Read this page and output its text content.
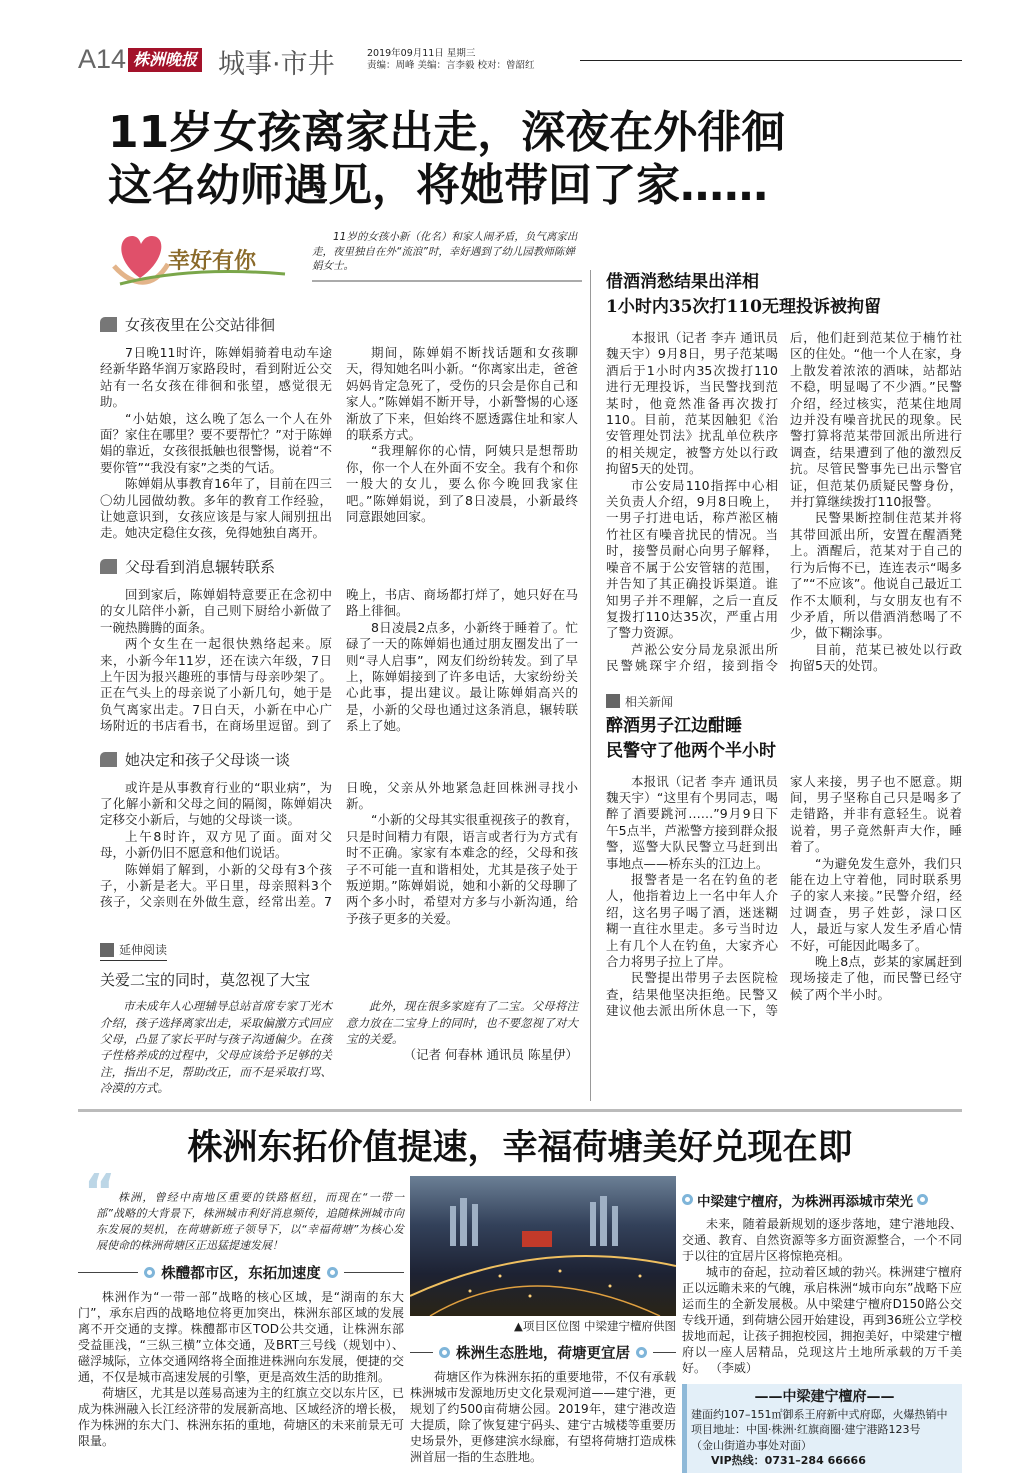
A14 株洲晚报 城事·市井	2019年09月11日 星期三
责编：周峰 美编：言李毅 校对：曾韶红
11岁女孩离家出走，深夜在外徘徊
这名幼师遇见，将她带回了家……
幸好有你
11岁的女孩小新（化名）和家人闹矛盾，负气离家出走，夜里独自在外“流浪”时，幸好遇到了幼儿园教师陈婵娟女士。
女孩夜里在公交站徘徊

7日晚11时许，陈婵娟骑着电动车途经新华路华润万家路段时，看到附近公交站有一名女孩在徘徊和张望，感觉很无助。

“小姑娘，这么晚了怎么一个人在外面？家住在哪里？要不要帮忙？”对于陈婵娟的靠近，女孩很抵触也很警惕，说着“不要你管”“我没有家”之类的气话。

陈婵娟从事教育16年了，目前在四三〇幼儿园做幼教。多年的教育工作经验，让她意识到，女孩应该是与家人闹别扭出走。她决定稳住女孩，免得她独自离开。

期间，陈婵娟不断找话题和女孩聊天，得知她名叫小新。“你离家出走，爸爸妈妈肯定急死了，受伤的只会是你自己和家人。”陈婵娟不断开导，小新警惕的心逐渐放了下来，但始终不愿透露住址和家人的联系方式。

“我理解你的心情，阿姨只是想帮助你，你一个人在外面不安全。我有个和你一般大的女儿，要么你今晚回我家住吧。”陈婵娟说，到了8日凌晨，小新最终同意跟她回家。

父母看到消息辗转联系

回到家后，陈婵娟特意要正在念初中的女儿陪伴小新，自己则下厨给小新做了一碗热腾腾的面条。

两个女生在一起很快熟络起来。原来，小新今年11岁，还在读六年级，7日上午因为报兴趣班的事情与母亲吵架了。正在气头上的母亲说了小新几句，她于是负气离家出走。7日白天，小新在中心广场附近的书店看书，在商场里逗留。到了晚上，书店、商场都打烊了，她只好在马路上徘徊。

8日凌晨2点多，小新终于睡着了。忙碌了一天的陈婵娟也通过朋友圈发出了一则“寻人启事”，网友们纷纷转发。到了早上，陈婵娟接到了许多电话，大家纷纷关心此事，提出建议。最让陈婵娟高兴的是，小新的父母也通过这条消息，辗转联系上了她。

她决定和孩子父母谈一谈

或许是从事教育行业的“职业病”，为了化解小新和父母之间的隔阂，陈婵娟决定移交小新后，与她的父母谈一谈。

上午8时许，双方见了面。面对父母，小新仍旧不愿意和他们说话。

陈婵娟了解到，小新的父母有3个孩子，小新是老大。平日里，母亲照料3个孩子，父亲则在外做生意，经常出差。7日晚，父亲从外地紧急赶回株洲寻找小新。

“小新的父母其实很重视孩子的教育，只是时间精力有限，语言或者行为方式有时不正确。家家有本难念的经，父母和孩子不可能一直和谐相处，尤其是孩子处于叛逆期。”陈婵娟说，她和小新的父母聊了两个多小时，希望对方多与小新沟通，给予孩子更多的关爱。

延伸阅读
关爱二宝的同时，莫忽视了大宝

市未成年人心理辅导总站首席专家丁光木介绍，孩子选择离家出走，采取偏激方式回应父母，凸显了家长平时与孩子沟通偏少。在孩子性格养成的过程中，父母应该给予足够的关注，指出不足，帮助改正，而不是采取打骂、冷漠的方式。

此外，现在很多家庭有了二宝。父母将注意力放在二宝身上的同时，也不要忽视了对大宝的关爱。

（记者 何春林 通讯员 陈星伊）
借酒消愁结果出洋相
1小时内35次打110无理投诉被拘留

本报讯（记者 李卉 通讯员 魏天宇）9月8日，男子范某喝酒后于1小时内35次拨打110进行无理投诉，当民警找到范某时，他竟然准备再次拨打110。目前，范某因触犯《治安管理处罚法》扰乱单位秩序的相关规定，被警方处以行政拘留5天的处罚。

市公安局110指挥中心相关负责人介绍，9月8日晚上，一男子打进电话，称芦淞区楠竹社区有噪音扰民的情况。当时，接警员耐心向男子解释，噪音不属于公安管辖的范围，并告知了其正确投诉渠道。谁知男子并不理解，之后一直反复拨打110达35次，严重占用了警力资源。

芦淞公安分局龙泉派出所民警姚琛宇介绍，接到指令后，他们赶到范某位于楠竹社区的住处。“他一个人在家，身上散发着浓浓的酒味，站都站不稳，明显喝了不少酒。”民警介绍，经过核实，范某住地周边并没有噪音扰民的现象。民警打算将范某带回派出所进行调查，结果遭到了他的激烈反抗。尽管民警事先已出示警官证，但范某仍质疑民警身份，并打算继续拨打110报警。

民警果断控制住范某并将其带回派出所，安置在醒酒凳上。酒醒后，范某对于自己的行为后悔不已，连连表示“喝多了”“不应该”。他说自己最近工作不太顺利，与女朋友也有不少矛盾，所以借酒消愁喝了不少，做下糊涂事。

目前，范某已被处以行政拘留5天的处罚。

相关新闻
醉酒男子江边酣睡
民警守了他两个半小时

本报讯（记者 李卉 通讯员 魏天宇）“这里有个男同志，喝醉了酒要跳河……”9月9日下午5点半，芦淞警方接到群众报警，巡警大队民警立马赶到出事地点——桥东头的江边上。

报警者是一名在钓鱼的老人，他指着边上一名中年人介绍，这名男子喝了酒，迷迷糊糊一直往水里走。多亏当时边上有几个人在钓鱼，大家齐心合力将男子拉上了岸。

民警提出带男子去医院检查，结果他坚决拒绝。民警又建议他去派出所休息一下，等家人来接，男子也不愿意。期间，男子坚称自己只是喝多了走错路，并非有意轻生。说着说着，男子竟然鼾声大作，睡着了。

“为避免发生意外，我们只能在边上守着他，同时联系男子的家人来接。”民警介绍，经过调查，男子姓彭，渌口区人，最近与家人发生矛盾心情不好，可能因此喝多了。

晚上8点，彭某的家属赶到现场接走了他，而民警已经守候了两个半小时。

株洲东拓价值提速，幸福荷塘美好兑现在即
“ 株洲，曾经中南地区重要的铁路枢纽，而现在“一带一部”战略的大背景下，株洲城市利好消息频传，追随株洲城市向东发展的契机，在荷塘新班子领导下，以“幸福荷塘”为核心发展使命的株洲荷塘区正迅猛提速发展！
株醴都市区，东拓加速度

株洲作为“一带一部”战略的核心区域，是“湖南的东大门”，承东启西的战略地位将更加突出，株洲东部区域的发展离不开交通的支撑。株醴都市区TOD公共交通，让株洲东部受益匪浅，“三纵三横”立体交通，及BRT三号线（规划中）、磁浮城际，立体交通网络将全面推进株洲向东发展，便捷的交通，不仅是城市高速发展的引擎，更是高效生活的助推剂。

荷塘区，尤其是以莲易高速为主的红旗立交以东片区，已成为株洲融入长江经济带的发展新高地、区域经济的增长极，作为株洲的东大门、株洲东拓的重地，荷塘区的未来前景无可限量。

▲项目区位图 中梁建宁檀府供图
株洲生态胜地，荷塘更宜居

荷塘区作为株洲东拓的重要地带，不仅有承载株洲城市发源地历史文化景观河道——建宁港，更规划了约500亩荷塘公园。2019年，建宁港改造大提质，除了恢复建宁码头、建宁古城楼等重要历史场景外，更修建滨水绿廊，有望将荷塘打造成株洲首屈一指的生态胜地。

中梁建宁檀府，为株洲再添城市荣光

未来，随着最新规划的逐步落地，建宁港地段、交通、教育、自然资源等多方面资源整合，一个不同于以往的宜居片区将惊艳亮相。

城市的奋起，拉动着区域的勃兴。株洲建宁檀府正以远瞻未来的气魄，承启株洲“城市向东”战略下应运而生的全新发展极。从中梁建宁檀府D150路公交专线开通，到荷塘公园开始建设，再到36班公立学校拔地而起，让孩子拥抱校园，拥抱美好，中梁建宁檀府以一座人居精品，兑现这片土地所承载的万千美好。 （李威）

——中梁建宁檀府——
建面约107–151㎡御系王府新中式府邸，火爆热销中
项目地址：中国·株洲·红旗商圈·建宁港路123号
（金山街道办事处对面）
VIP热线：0731–284 66666
